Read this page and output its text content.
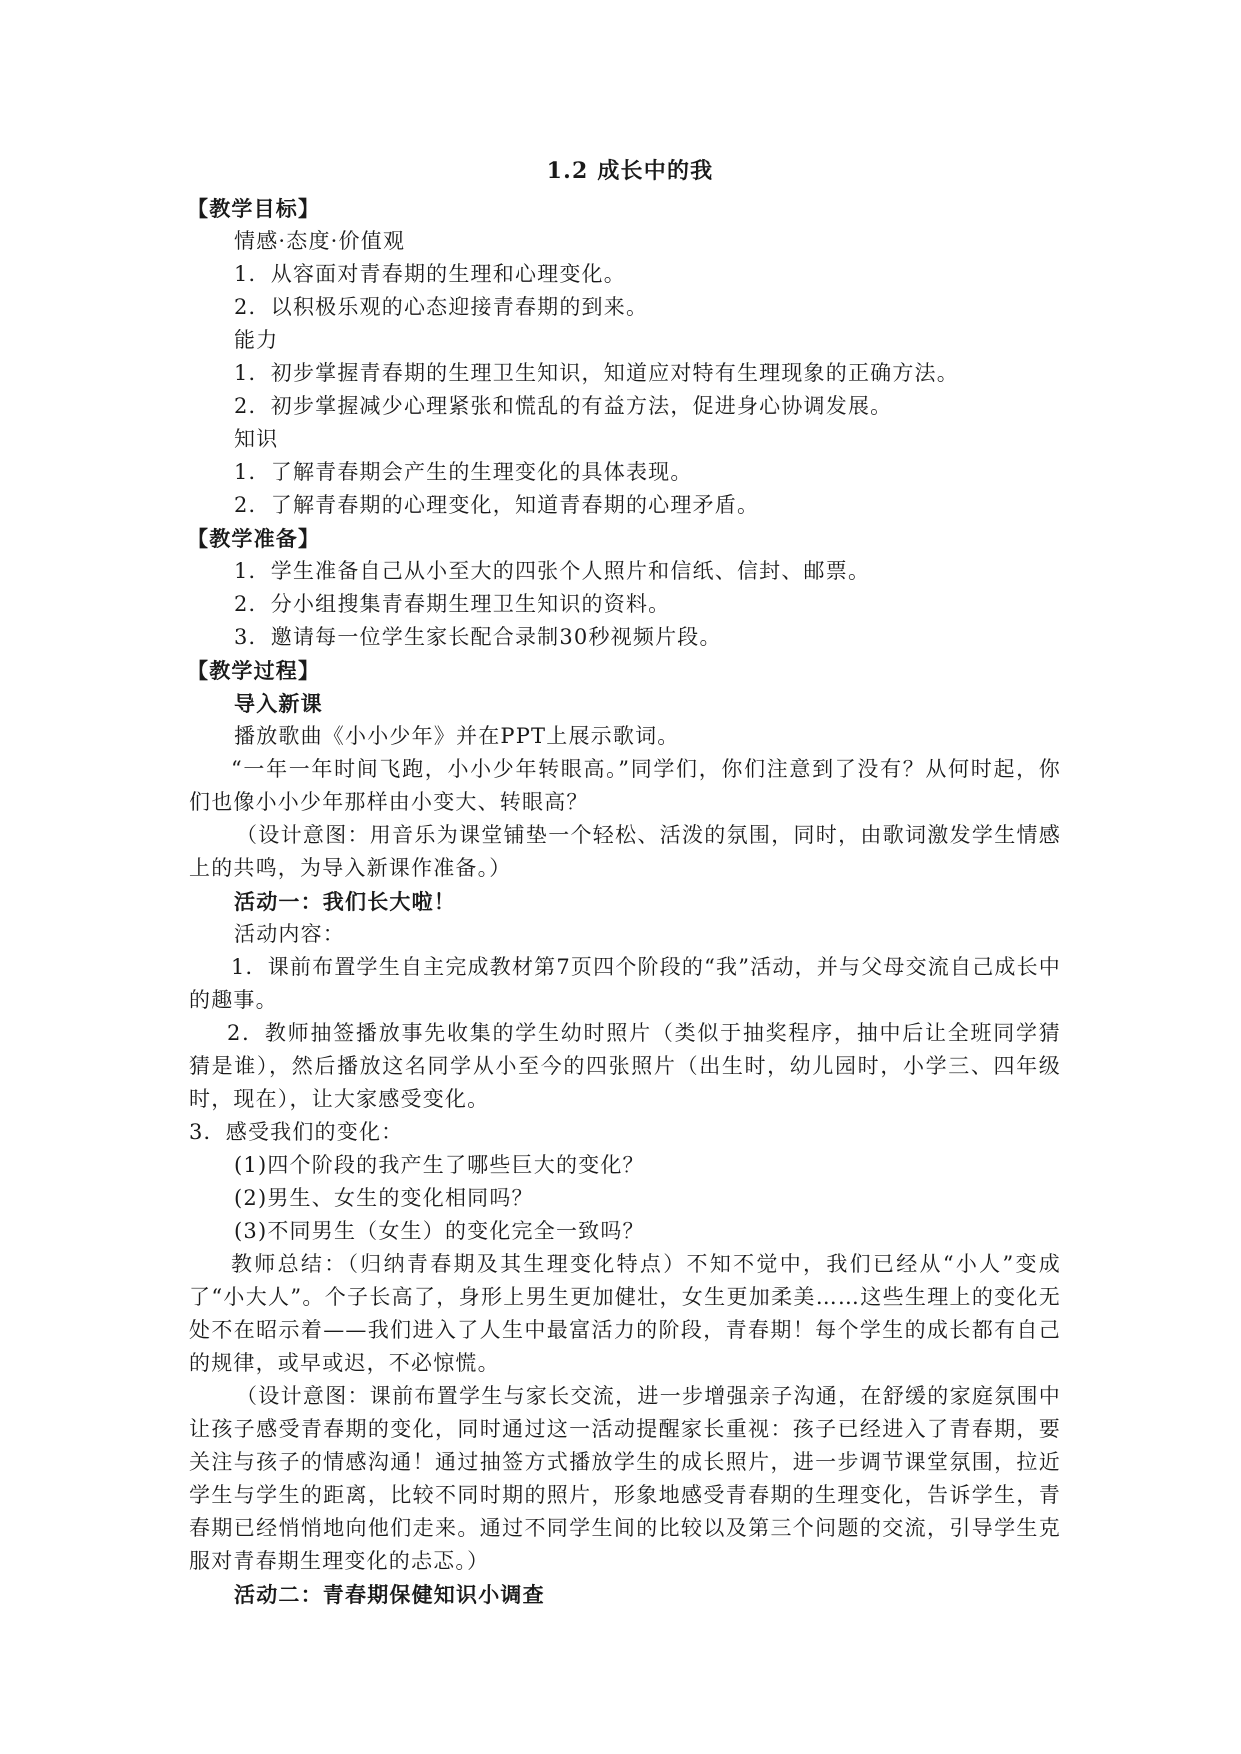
1.2 成长中的我
【教学目标】
情感·态度·价值观
1．从容面对青春期的生理和心理变化。
2．以积极乐观的心态迎接青春期的到来。
能力
1．初步掌握青春期的生理卫生知识，知道应对特有生理现象的正确方法。
2．初步掌握减少心理紧张和慌乱的有益方法，促进身心协调发展。
知识
1．了解青春期会产生的生理变化的具体表现。
2．了解青春期的心理变化，知道青春期的心理矛盾。
【教学准备】
1．学生准备自己从小至大的四张个人照片和信纸、信封、邮票。
2．分小组搜集青春期生理卫生知识的资料。
3．邀请每一位学生家长配合录制30秒视频片段。
【教学过程】
导入新课
播放歌曲《小小少年》并在PPT上展示歌词。
“一年一年时间飞跑，小小少年转眼高。”同学们，你们注意到了没有？从何时起，你们也像小小少年那样由小变大、转眼高？
（设计意图：用音乐为课堂铺垫一个轻松、活泼的氛围，同时，由歌词激发学生情感上的共鸣，为导入新课作准备。）
活动一：我们长大啦！
活动内容：
1．课前布置学生自主完成教材第7页四个阶段的“我”活动，并与父母交流自己成长中的趣事。
2．教师抽签播放事先收集的学生幼时照片（类似于抽奖程序，抽中后让全班同学猜猜是谁），然后播放这名同学从小至今的四张照片（出生时，幼儿园时，小学三、四年级时，现在），让大家感受变化。
3．感受我们的变化：
(1)四个阶段的我产生了哪些巨大的变化？
(2)男生、女生的变化相同吗？
(3)不同男生（女生）的变化完全一致吗？
教师总结：（归纳青春期及其生理变化特点）不知不觉中，我们已经从“小人”变成了“小大人”。个子长高了，身形上男生更加健壮，女生更加柔美……这些生理上的变化无处不在昭示着——我们进入了人生中最富活力的阶段，青春期！每个学生的成长都有自己的规律，或早或迟，不必惊慌。
（设计意图：课前布置学生与家长交流，进一步增强亲子沟通，在舒缓的家庭氛围中让孩子感受青春期的变化，同时通过这一活动提醒家长重视：孩子已经进入了青春期，要关注与孩子的情感沟通！通过抽签方式播放学生的成长照片，进一步调节课堂氛围，拉近学生与学生的距离，比较不同时期的照片，形象地感受青春期的生理变化，告诉学生，青春期已经悄悄地向他们走来。通过不同学生间的比较以及第三个问题的交流，引导学生克服对青春期生理变化的忐忑。）
活动二：青春期保健知识小调查
